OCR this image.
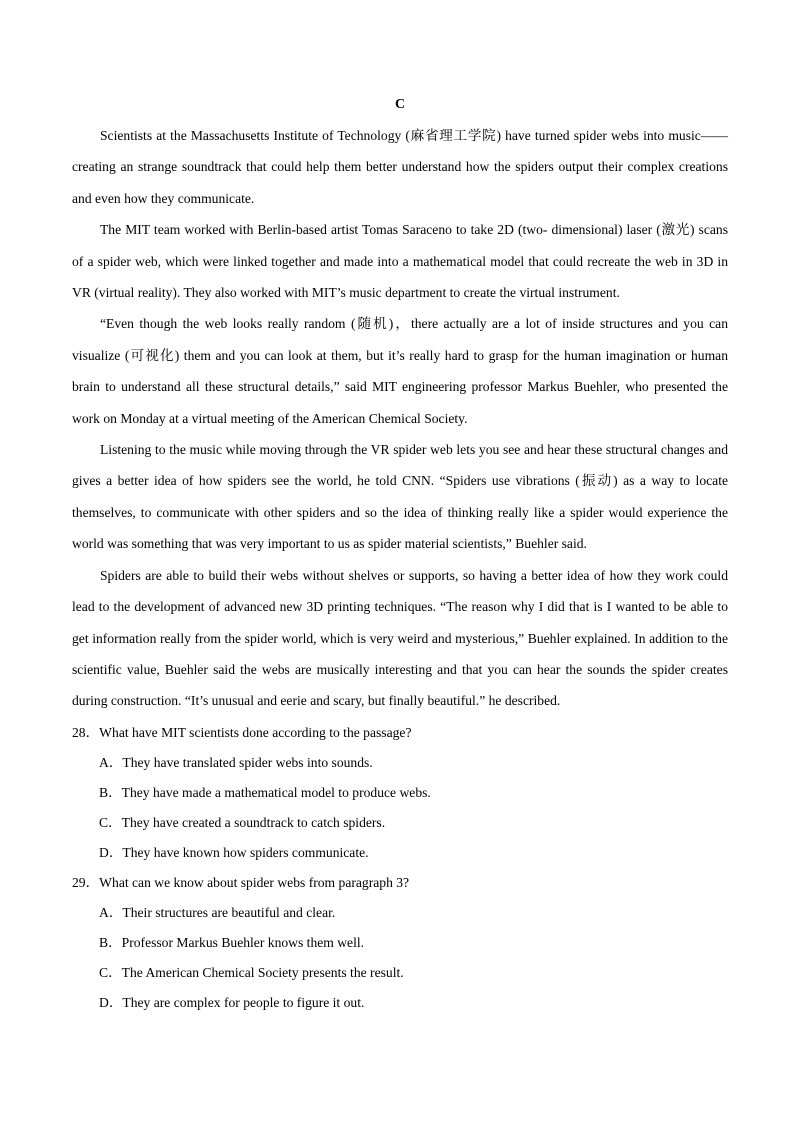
C

Scientists at the Massachusetts Institute of Technology (麻省理工学院) have turned spider webs into music——creating an strange soundtrack that could help them better understand how the spiders output their complex creations and even how they communicate.

The MIT team worked with Berlin-based artist Tomas Saraceno to take 2D (two- dimensional) laser (激光) scans of a spider web, which were linked together and made into a mathematical model that could recreate the web in 3D in VR (virtual reality). They also worked with MIT’s music department to create the virtual instrument.

“Even though the web looks really random (随机)，there actually are a lot of inside structures and you can visualize (可视化) them and you can look at them, but it’s really hard to grasp for the human imagination or human brain to understand all these structural details,” said MIT engineering professor Markus Buehler, who presented the work on Monday at a virtual meeting of the American Chemical Society.

Listening to the music while moving through the VR spider web lets you see and hear these structural changes and gives a better idea of how spiders see the world, he told CNN. “Spiders use vibrations (振动) as a way to locate themselves, to communicate with other spiders and so the idea of thinking really like a spider would experience the world was something that was very important to us as spider material scientists,” Buehler said.

Spiders are able to build their webs without shelves or supports, so having a better idea of how they work could lead to the development of advanced new 3D printing techniques. “The reason why I did that is I wanted to be able to get information really from the spider world, which is very weird and mysterious,” Buehler explained. In addition to the scientific value, Buehler said the webs are musically interesting and that you can hear the sounds the spider creates during construction. “It’s unusual and eerie and scary, but finally beautiful.” he described.

28．What have MIT scientists done according to the passage?

A．They have translated spider webs into sounds.

B．They have made a mathematical model to produce webs.

C．They have created a soundtrack to catch spiders.

D．They have known how spiders communicate.

29．What can we know about spider webs from paragraph 3?

A．Their structures are beautiful and clear.

B．Professor Markus Buehler knows them well.

C．The American Chemical Society presents the result.

D．They are complex for people to figure it out.
